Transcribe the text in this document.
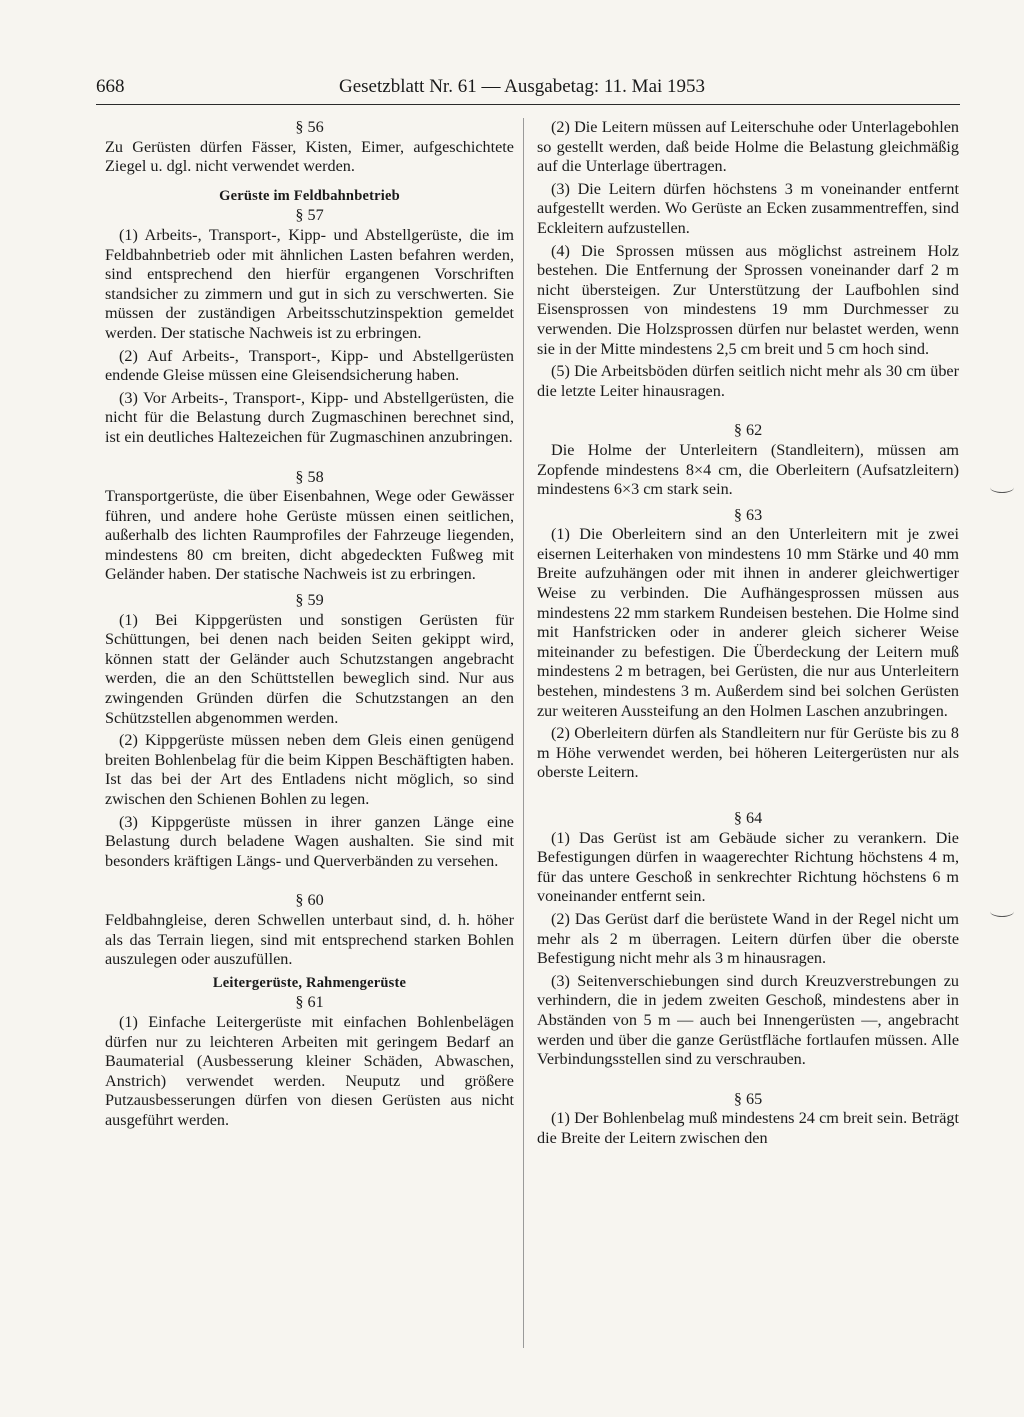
668	Gesetzblatt Nr. 61 — Ausgabetag: 11. Mai 1953

§ 56

Zu Gerüsten dürfen Fässer, Kisten, Eimer, aufgeschichtete Ziegel u. dgl. nicht verwendet werden.

Gerüste im Feldbahnbetrieb

§ 57

(1) Arbeits-, Transport-, Kipp- und Abstellgerüste, die im Feldbahnbetrieb oder mit ähnlichen Lasten befahren werden, sind entsprechend den hierfür ergangenen Vorschriften standsicher zu zimmern und gut in sich zu verschwerten. Sie müssen der zuständigen Arbeitsschutzinspektion gemeldet werden. Der statische Nachweis ist zu erbringen.

(2) Auf Arbeits-, Transport-, Kipp- und Abstellgerüsten endende Gleise müssen eine Gleisendsicherung haben.

(3) Vor Arbeits-, Transport-, Kipp- und Abstellgerüsten, die nicht für die Belastung durch Zugmaschinen berechnet sind, ist ein deutliches Haltezeichen für Zugmaschinen anzubringen.

§ 58

Transportgerüste, die über Eisenbahnen, Wege oder Gewässer führen, und andere hohe Gerüste müssen einen seitlichen, außerhalb des lichten Raumprofiles der Fahrzeuge liegenden, mindestens 80 cm breiten, dicht abgedeckten Fußweg mit Geländer haben. Der statische Nachweis ist zu erbringen.

§ 59

(1) Bei Kippgerüsten und sonstigen Gerüsten für Schüttungen, bei denen nach beiden Seiten gekippt wird, können statt der Geländer auch Schutzstangen angebracht werden, die an den Schüttstellen beweglich sind. Nur aus zwingenden Gründen dürfen die Schutzstangen an den Schützstellen abgenommen werden.

(2) Kippgerüste müssen neben dem Gleis einen genügend breiten Bohlenbelag für die beim Kippen Beschäftigten haben. Ist das bei der Art des Entladens nicht möglich, so sind zwischen den Schienen Bohlen zu legen.

(3) Kippgerüste müssen in ihrer ganzen Länge eine Belastung durch beladene Wagen aushalten. Sie sind mit besonders kräftigen Längs- und Querverbänden zu versehen.

§ 60

Feldbahngleise, deren Schwellen unterbaut sind, d. h. höher als das Terrain liegen, sind mit entsprechend starken Bohlen auszulegen oder auszufüllen.

Leitergerüste, Rahmengerüste

§ 61

(1) Einfache Leitergerüste mit einfachen Bohlenbelägen dürfen nur zu leichteren Arbeiten mit geringem Bedarf an Baumaterial (Ausbesserung kleiner Schäden, Abwaschen, Anstrich) verwendet werden. Neuputz und größere Putzausbesserungen dürfen von diesen Gerüsten aus nicht ausgeführt werden.

(2) Die Leitern müssen auf Leiterschuhe oder Unterlagebohlen so gestellt werden, daß beide Holme die Belastung gleichmäßig auf die Unterlage übertragen.

(3) Die Leitern dürfen höchstens 3 m voneinander entfernt aufgestellt werden. Wo Gerüste an Ecken zusammentreffen, sind Eckleitern aufzustellen.

(4) Die Sprossen müssen aus möglichst astreinem Holz bestehen. Die Entfernung der Sprossen voneinander darf 2 m nicht übersteigen. Zur Unterstützung der Laufbohlen sind Eisensprossen von mindestens 19 mm Durchmesser zu verwenden. Die Holzsprossen dürfen nur belastet werden, wenn sie in der Mitte mindestens 2,5 cm breit und 5 cm hoch sind.

(5) Die Arbeitsböden dürfen seitlich nicht mehr als 30 cm über die letzte Leiter hinausragen.

§ 62

Die Holme der Unterleitern (Standleitern), müssen am Zopfende mindestens 8×4 cm, die Oberleitern (Aufsatzleitern) mindestens 6×3 cm stark sein.

§ 63

(1) Die Oberleitern sind an den Unterleitern mit je zwei eisernen Leiterhaken von mindestens 10 mm Stärke und 40 mm Breite aufzuhängen oder mit ihnen in anderer gleichwertiger Weise zu verbinden. Die Aufhängesprossen müssen aus mindestens 22 mm starkem Rundeisen bestehen. Die Holme sind mit Hanfstricken oder in anderer gleich sicherer Weise miteinander zu befestigen. Die Überdeckung der Leitern muß mindestens 2 m betragen, bei Gerüsten, die nur aus Unterleitern bestehen, mindestens 3 m. Außerdem sind bei solchen Gerüsten zur weiteren Aussteifung an den Holmen Laschen anzubringen.

(2) Oberleitern dürfen als Standleitern nur für Gerüste bis zu 8 m Höhe verwendet werden, bei höheren Leitergerüsten nur als oberste Leitern.

§ 64

(1) Das Gerüst ist am Gebäude sicher zu verankern. Die Befestigungen dürfen in waagerechter Richtung höchstens 4 m, für das untere Geschoß in senkrechter Richtung höchstens 6 m voneinander entfernt sein.

(2) Das Gerüst darf die berüstete Wand in der Regel nicht um mehr als 2 m überragen. Leitern dürfen über die oberste Befestigung nicht mehr als 3 m hinausragen.

(3) Seitenverschiebungen sind durch Kreuzverstrebungen zu verhindern, die in jedem zweiten Geschoß, mindestens aber in Abständen von 5 m — auch bei Innengerüsten —, angebracht werden und über die ganze Gerüstfläche fortlaufen müssen. Alle Verbindungsstellen sind zu verschrauben.

§ 65

(1) Der Bohlenbelag muß mindestens 24 cm breit sein. Beträgt die Breite der Leitern zwischen den
